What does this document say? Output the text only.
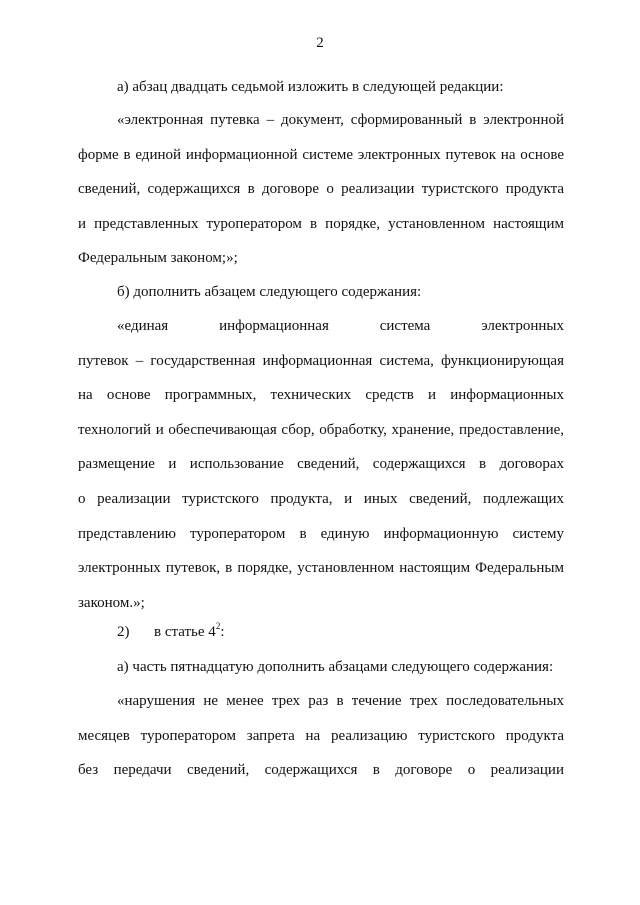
2

а) абзац двадцать седьмой изложить в следующей редакции:

«электронная путевка – документ, сформированный в электронной
форме в единой информационной системе электронных путевок на основе
сведений, содержащихся в договоре о реализации туристского продукта
и представленных туроператором в порядке, установленном настоящим
Федеральным законом;»;

б) дополнить абзацем следующего содержания:

«единая информационная система электронных
путевок – государственная информационная система, функционирующая
на основе программных, технических средств и информационных
технологий и обеспечивающая сбор, обработку, хранение, предоставление,
размещение и использование сведений, содержащихся в договорах
о реализации туристского продукта, и иных сведений, подлежащих
представлению туроператором в единую информационную систему
электронных путевок, в порядке, установленном настоящим Федеральным
законом.»;

2) в статье $4^2$:

а) часть пятнадцатую дополнить абзацами следующего содержания:

«нарушения не менее трех раз в течение трех последовательных
месяцев туроператором запрета на реализацию туристского продукта
без передачи сведений, содержащихся в договоре о реализации
